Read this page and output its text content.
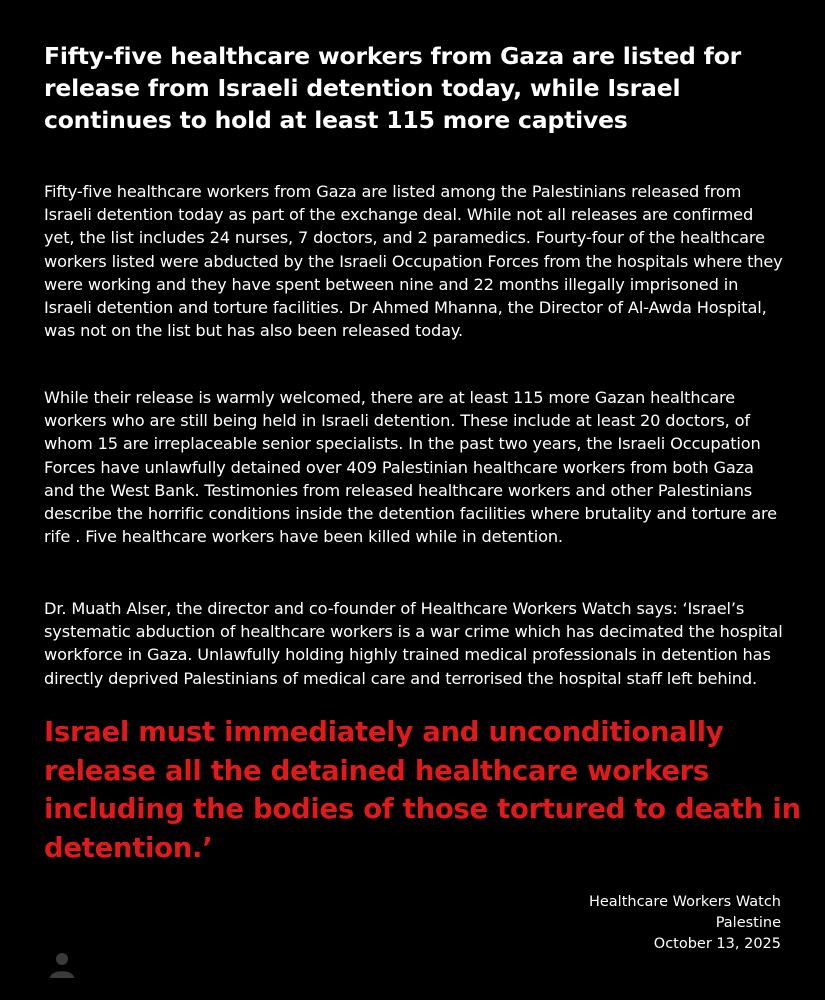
Fifty-five healthcare workers from Gaza are listed for release from Israeli detention today, while Israel continues to hold at least 115 more captives

Fifty-five healthcare workers from Gaza are listed among the Palestinians released from Israeli detention today as part of the exchange deal. While not all releases are confirmed yet, the list includes 24 nurses, 7 doctors, and 2 paramedics. Fourty-four of the healthcare workers listed were abducted by the Israeli Occupation Forces from the hospitals where they were working and they have spent between nine and 22 months illegally imprisoned in Israeli detention and torture facilities. Dr Ahmed Mhanna, the Director of Al-Awda Hospital, was not on the list but has also been released today.

While their release is warmly welcomed, there are at least 115 more Gazan healthcare workers who are still being held in Israeli detention. These include at least 20 doctors, of whom 15 are irreplaceable senior specialists. In the past two years, the Israeli Occupation Forces have unlawfully detained over 409 Palestinian healthcare workers from both Gaza and the West Bank. Testimonies from released healthcare workers and other Palestinians describe the horrific conditions inside the detention facilities where brutality and torture are rife . Five healthcare workers have been killed while in detention.

Dr. Muath Alser, the director and co-founder of Healthcare Workers Watch says: ‘Israel’s systematic abduction of healthcare workers is a war crime which has decimated the hospital workforce in Gaza. Unlawfully holding highly trained medical professionals in detention has directly deprived Palestinians of medical care and terrorised the hospital staff left behind.

Israel must immediately and unconditionally release all the detained healthcare workers including the bodies of those tortured to death in detention.’

Healthcare Workers Watch
Palestine
October 13, 2025
